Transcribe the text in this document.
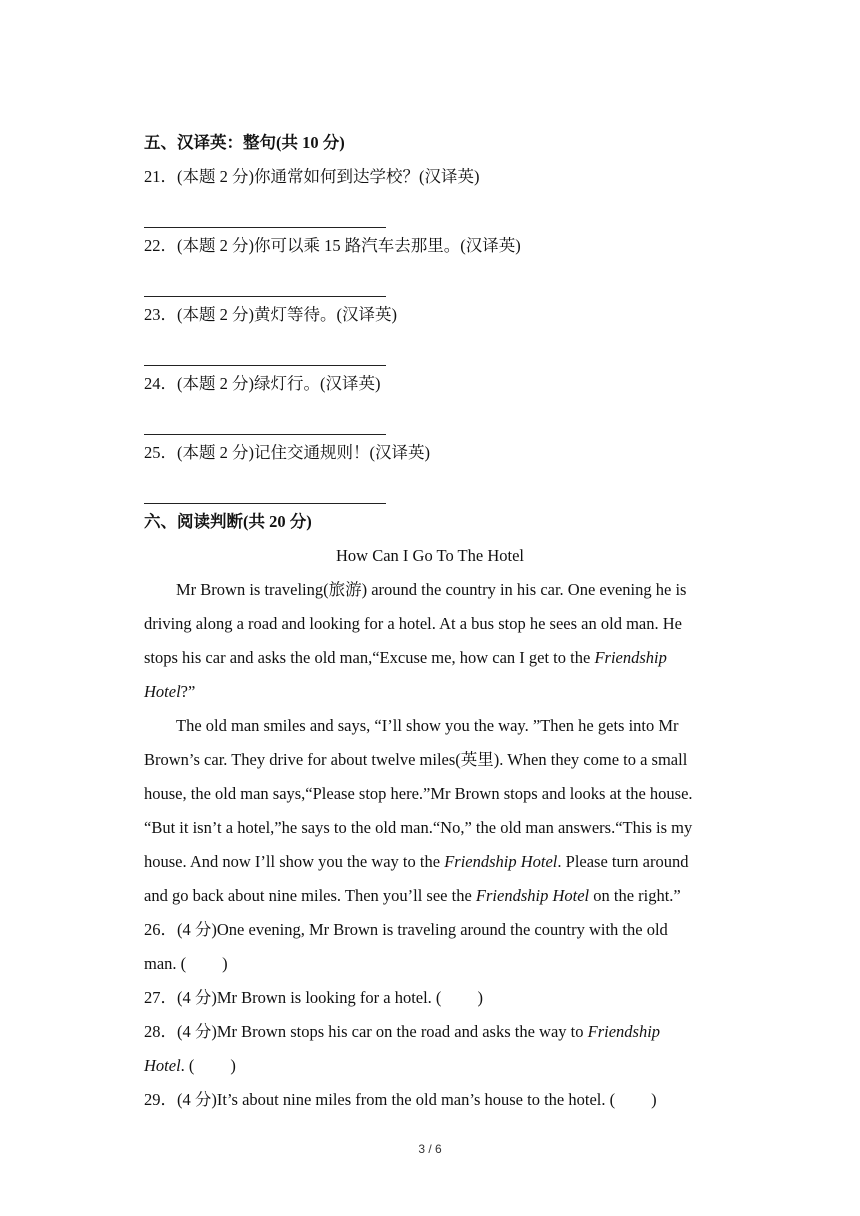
五、汉译英：整句(共 10 分)
21．(本题 2 分)你通常如何到达学校？(汉译英)
22．(本题 2 分)你可以乘 15 路汽车去那里。(汉译英)
23．(本题 2 分)黄灯等待。(汉译英)
24．(本题 2 分)绿灯行。(汉译英)
25．(本题 2 分)记住交通规则！(汉译英)
六、阅读判断(共 20 分)
How Can I Go To The Hotel
Mr Brown is traveling(旅游) around the country in his car. One evening he is driving along a road and looking for a hotel. At a bus stop he sees an old man. He stops his car and asks the old man,“Excuse me, how can I get to the Friendship Hotel?”
The old man smiles and says, “I’ll show you the way. ”Then he gets into Mr Brown’s car. They drive for about twelve miles(英里). When they come to a small house, the old man says,“Please stop here.”Mr Brown stops and looks at the house. “But it isn’t a hotel,”he says to the old man.“No,” the old man answers.“This is my house. And now I’ll show you the way to the Friendship Hotel. Please turn around and go back about nine miles. Then you’ll see the Friendship Hotel on the right.”
26．(4 分)One evening, Mr Brown is traveling around the country with the old
man. ( )
27．(4 分)Mr Brown is looking for a hotel. ( )
28．(4 分)Mr Brown stops his car on the road and asks the way to Friendship
Hotel. ( )
29．(4 分)It’s about nine miles from the old man’s house to the hotel. ( )
3 / 6
